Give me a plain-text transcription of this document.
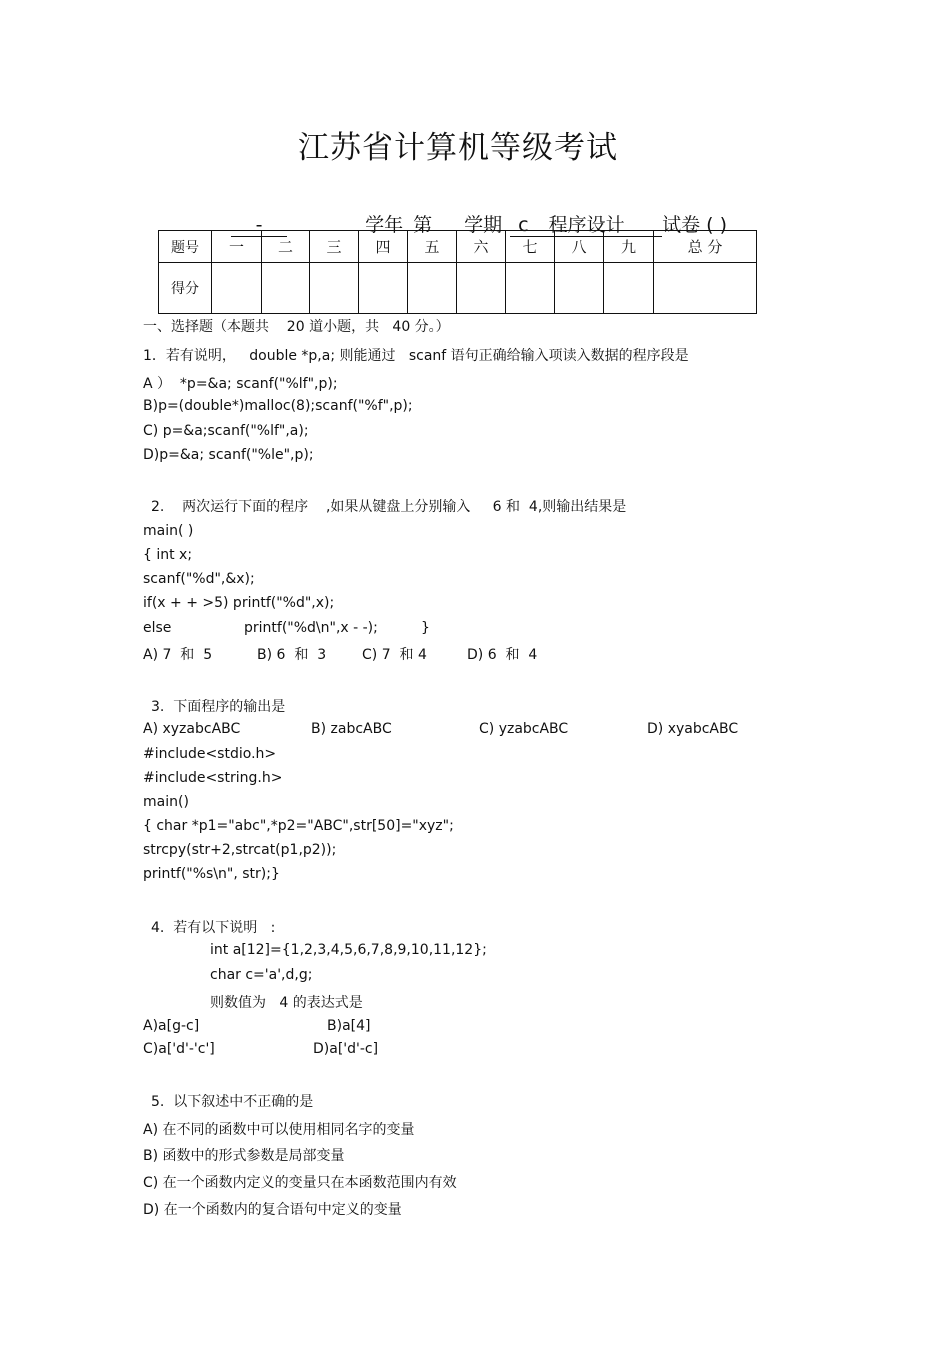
江苏省计算机等级考试

-	学年 第 学期 c 程序设计 试卷 ( )

题号	一	二	三	四	五	六	七	八	九	总 分
得分										
一、选择题（本题共    20 道小题，共   40 分。）
1．若有说明，   double *p,a; 则能通过   scanf 语句正确给输入项读入数据的程序段是
A ）  *p=&a; scanf("%lf",p);
B)p=(double*)malloc(8);scanf("%f",p);
C) p=&a;scanf("%lf",a);
D)p=&a; scanf("%le",p);
2.    两次运行下面的程序    ,如果从键盘上分别输入     6 和  4,则输出结果是
main( )
{ int x;
scanf("%d",&x);
if(x + + >5) printf("%d",x);
else	printf("%d\n",x - -);	}
A) 7  和  5	B) 6  和  3	C) 7  和 4	D) 6  和  4
3.  下面程序的输出是
A) xyzabcABC	B) zabcABC	C) yzabcABC	D) xyabcABC
#include<stdio.h>
#include<string.h>
main()
{ char *p1="abc",*p2="ABC",str[50]="xyz";
strcpy(str+2,strcat(p1,p2));
printf("%s\n", str);}
4.  若有以下说明   :
int a[12]={1,2,3,4,5,6,7,8,9,10,11,12};
char c='a',d,g;
则数值为   4 的表达式是
A)a[g-c]	B)a[4]
C)a['d'-'c']	D)a['d'-c]
5.  以下叙述中不正确的是
A) 在不同的函数中可以使用相同名字的变量
B) 函数中的形式参数是局部变量
C) 在一个函数内定义的变量只在本函数范围内有效
D) 在一个函数内的复合语句中定义的变量
